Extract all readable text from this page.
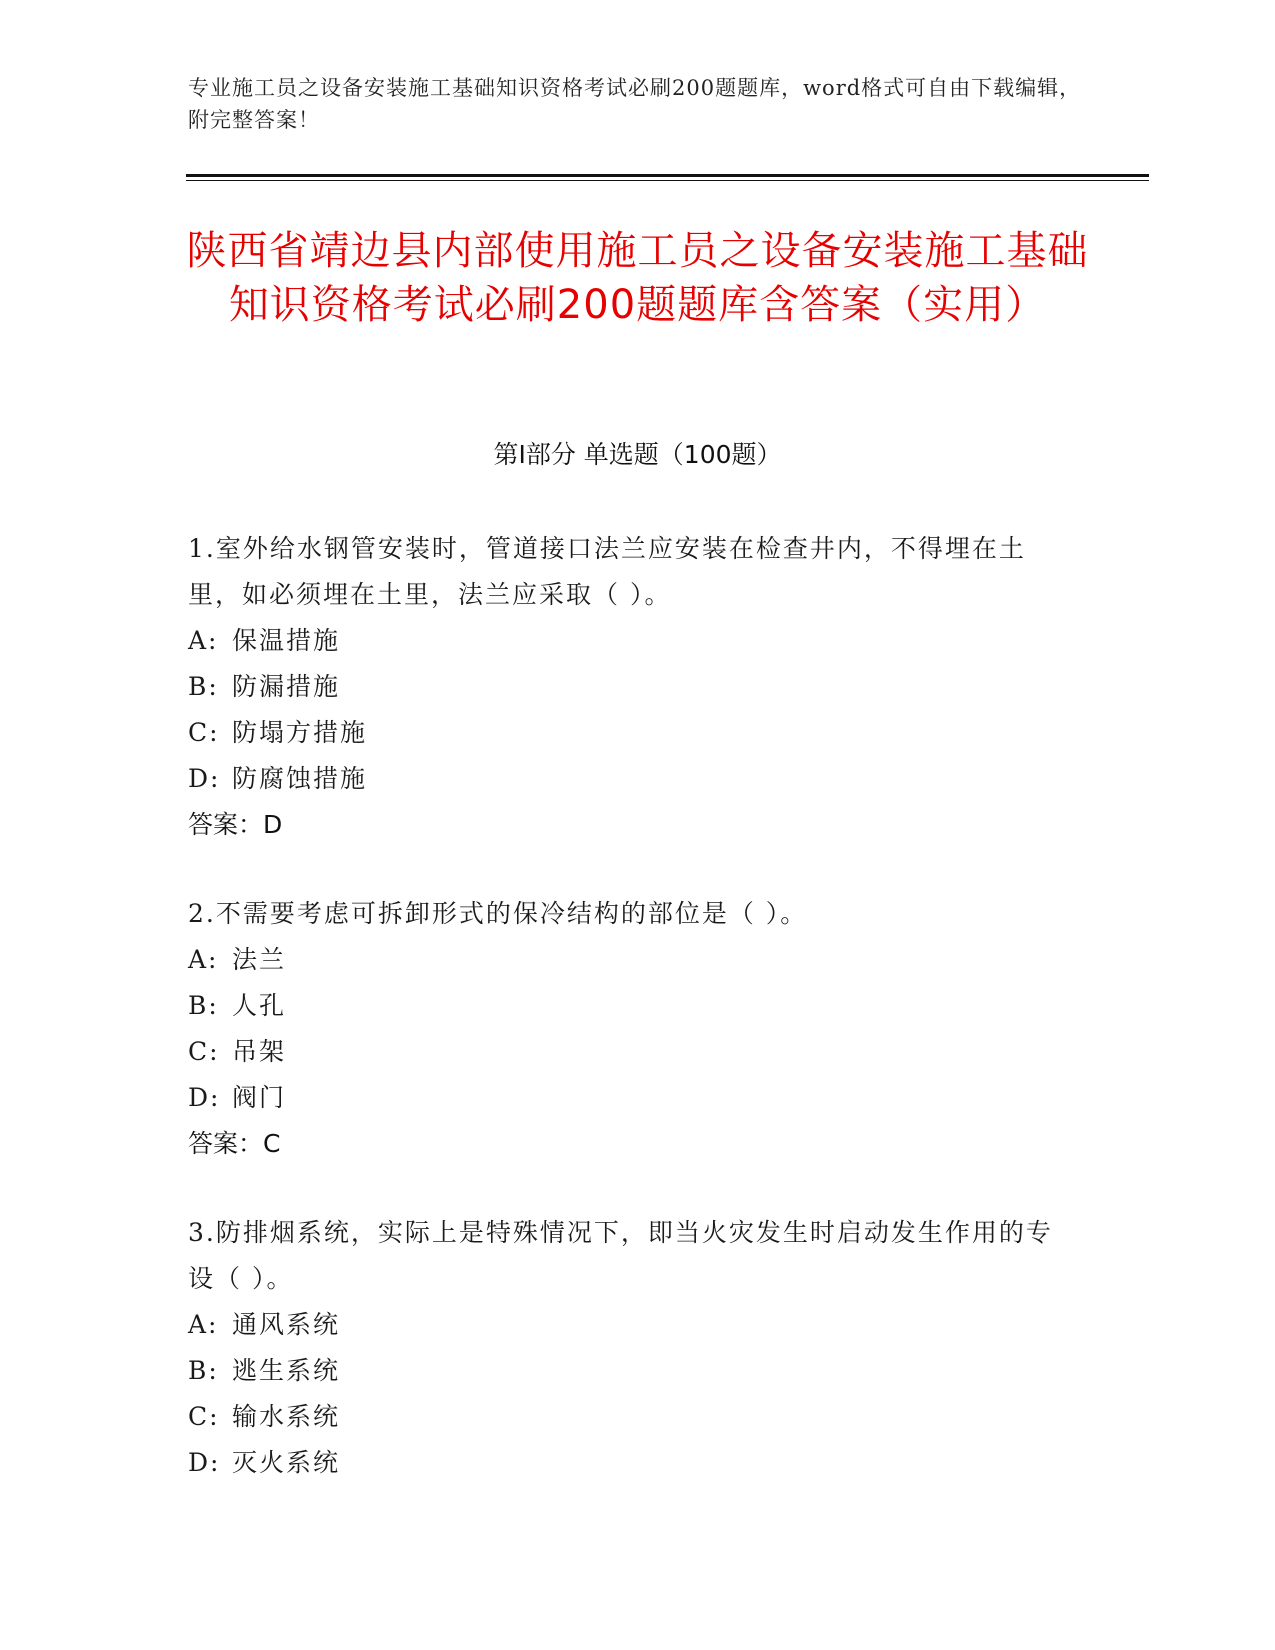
专业施工员之设备安装施工基础知识资格考试必刷200题题库，word格式可自由下载编辑，附完整答案！
陕西省靖边县内部使用施工员之设备安装施工基础知识资格考试必刷200题题库含答案（实用）
第Ⅰ部分 单选题（100题）
1.室外给水钢管安装时，管道接口法兰应安装在检查井内，不得埋在土里，如必须埋在土里，法兰应采取（ ）。
A: 保温措施
B: 防漏措施
C: 防塌方措施
D: 防腐蚀措施
答案：D
2.不需要考虑可拆卸形式的保冷结构的部位是（ ）。
A: 法兰
B: 人孔
C: 吊架
D: 阀门
答案：C
3.防排烟系统，实际上是特殊情况下，即当火灾发生时启动发生作用的专设（ ）。
A: 通风系统
B: 逃生系统
C: 输水系统
D: 灭火系统
